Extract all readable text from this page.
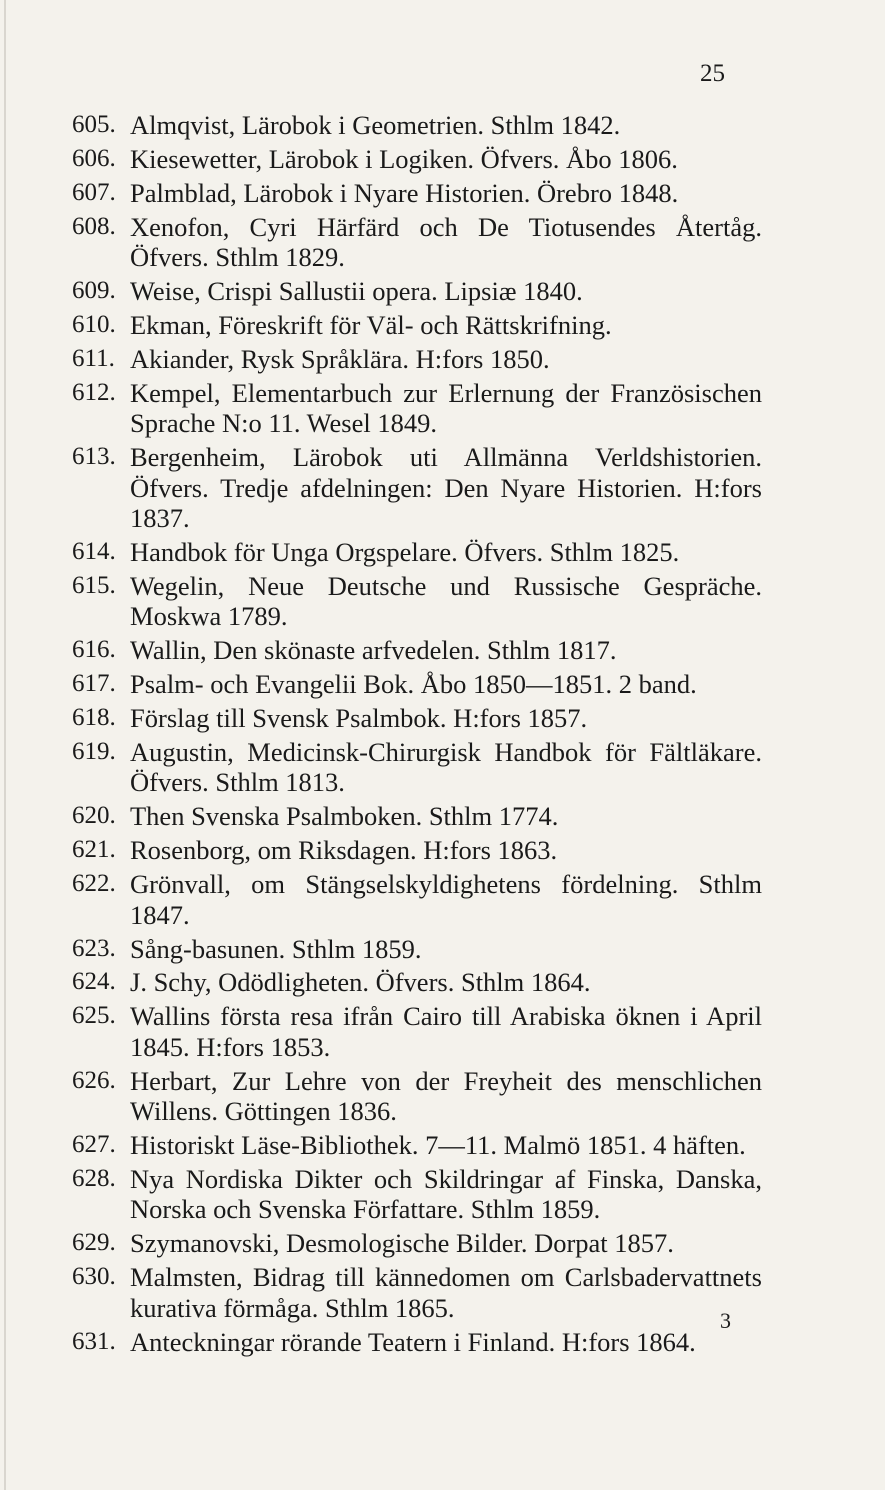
25
605. Almqvist, Lärobok i Geometrien. Sthlm 1842.
606. Kiesewetter, Lärobok i Logiken. Öfvers. Åbo 1806.
607. Palmblad, Lärobok i Nyare Historien. Örebro 1848.
608. Xenofon, Cyri Härfärd och De Tiotusendes Återtåg. Öfvers. Sthlm 1829.
609. Weise, Crispi Sallustii opera. Lipsiæ 1840.
610. Ekman, Föreskrift för Väl- och Rättskrifning.
611. Akiander, Rysk Språklära. H:fors 1850.
612. Kempel, Elementarbuch zur Erlernung der Französischen Sprache N:o 11. Wesel 1849.
613. Bergenheim, Lärobok uti Allmänna Verldshistorien. Öfvers. Tredje afdelningen: Den Nyare Historien. H:fors 1837.
614. Handbok för Unga Orgspelare. Öfvers. Sthlm 1825.
615. Wegelin, Neue Deutsche und Russische Gespräche. Moskwa 1789.
616. Wallin, Den skönaste arfvedelen. Sthlm 1817.
617. Psalm- och Evangelii Bok. Åbo 1850—1851. 2 band.
618. Förslag till Svensk Psalmbok. H:fors 1857.
619. Augustin, Medicinsk-Chirurgisk Handbok för Fältläkare. Öfvers. Sthlm 1813.
620. Then Svenska Psalmboken. Sthlm 1774.
621. Rosenborg, om Riksdagen. H:fors 1863.
622. Grönvall, om Stängselskyldighetens fördelning. Sthlm 1847.
623. Sång-basunen. Sthlm 1859.
624. J. Schy, Odödligheten. Öfvers. Sthlm 1864.
625. Wallins första resa ifrån Cairo till Arabiska öknen i April 1845. H:fors 1853.
626. Herbart, Zur Lehre von der Freyheit des menschlichen Willens. Göttingen 1836.
627. Historiskt Läse-Bibliothek. 7—11. Malmö 1851. 4 häften.
628. Nya Nordiska Dikter och Skildringar af Finska, Danska, Norska och Svenska Författare. Sthlm 1859.
629. Szymanovski, Desmologische Bilder. Dorpat 1857.
630. Malmsten, Bidrag till kännedomen om Carlsbadervattnets kurativa förmåga. Sthlm 1865.
631. Anteckningar rörande Teatern i Finland. H:fors 1864.
3
